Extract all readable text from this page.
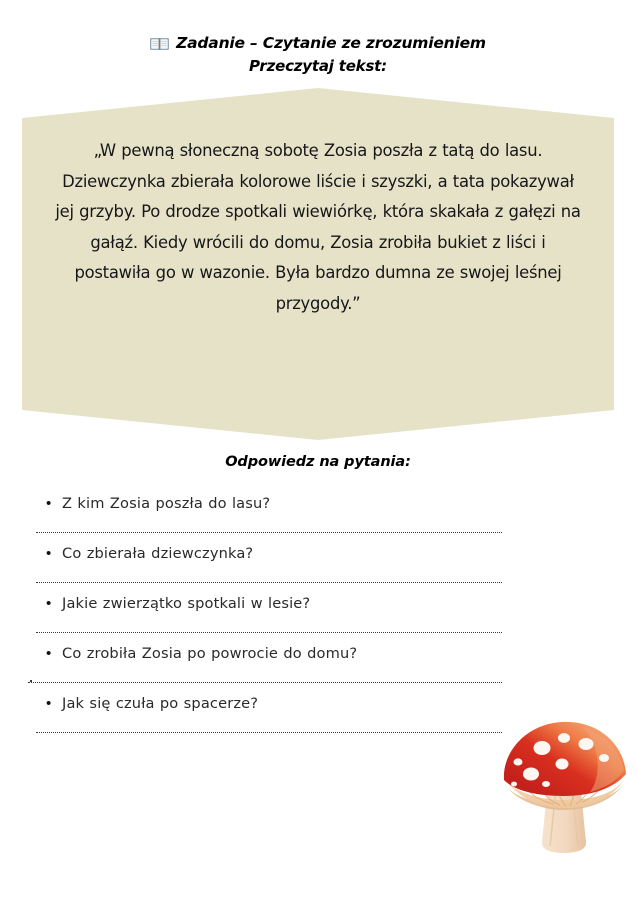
Zadanie – Czytanie ze zrozumieniem
Przeczytaj tekst:
„W pewną słoneczną sobotę Zosia poszła z tatą do lasu. Dziewczynka zbierała kolorowe liście i szyszki, a tata pokazywał jej grzyby. Po drodze spotkali wiewiórkę, która skakała z gałęzi na gałąź. Kiedy wrócili do domu, Zosia zrobiła bukiet z liści i postawiła go w wazonie. Była bardzo dumna ze swojej leśnej przygody.”
Odpowiedz na pytania:
• Z kim Zosia poszła do lasu?
• Co zbierała dziewczynka?
• Jakie zwierzątko spotkali w lesie?
• Co zrobiła Zosia po powrocie do domu?
• Jak się czuła po spacerze?
